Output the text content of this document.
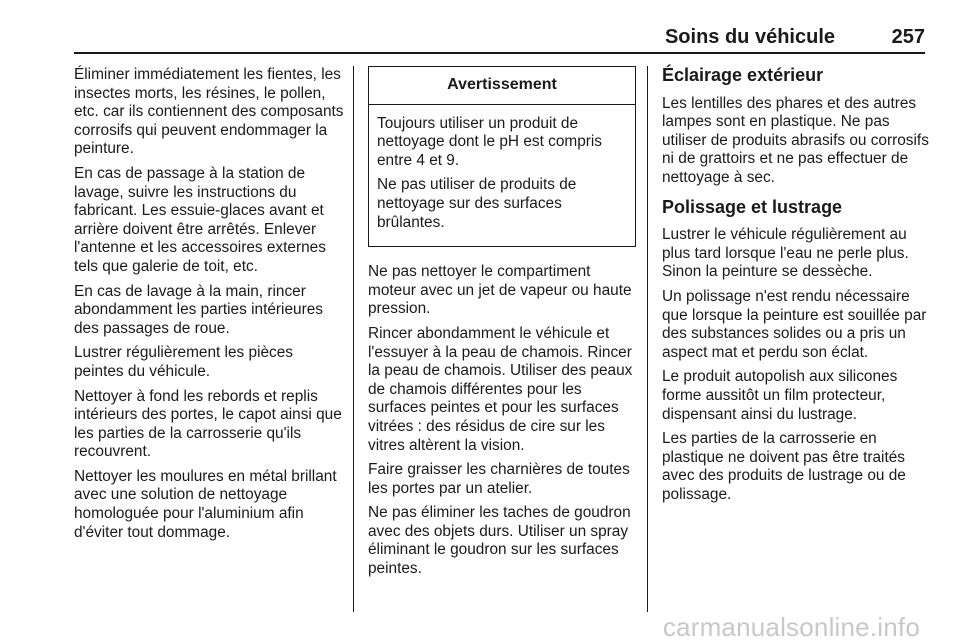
Soins du véhicule	257

Éliminer immédiatement les fientes, les insectes morts, les résines, le pollen, etc. car ils contiennent des composants corrosifs qui peuvent endommager la peinture.

En cas de passage à la station de lavage, suivre les instructions du fabricant. Les essuie-glaces avant et arrière doivent être arrêtés. Enlever l'antenne et les accessoires externes tels que galerie de toit, etc.

En cas de lavage à la main, rincer abondamment les parties intérieures des passages de roue.

Lustrer régulièrement les pièces peintes du véhicule.

Nettoyer à fond les rebords et replis intérieurs des portes, le capot ainsi que les parties de la carrosserie qu'ils recouvrent.

Nettoyer les moulures en métal brillant avec une solution de nettoyage homologuée pour l'aluminium afin d'éviter tout dommage.

Avertissement

Toujours utiliser un produit de nettoyage dont le pH est compris entre 4 et 9.

Ne pas utiliser de produits de nettoyage sur des surfaces brûlantes.

Ne pas nettoyer le compartiment moteur avec un jet de vapeur ou haute pression.

Rincer abondamment le véhicule et l'essuyer à la peau de chamois. Rincer la peau de chamois. Utiliser des peaux de chamois différentes pour les surfaces peintes et pour les surfaces vitrées : des résidus de cire sur les vitres altèrent la vision.

Faire graisser les charnières de toutes les portes par un atelier.

Ne pas éliminer les taches de goudron avec des objets durs. Utiliser un spray éliminant le goudron sur les surfaces peintes.

Éclairage extérieur

Les lentilles des phares et des autres lampes sont en plastique. Ne pas utiliser de produits abrasifs ou corrosifs ni de grattoirs et ne pas effectuer de nettoyage à sec.

Polissage et lustrage

Lustrer le véhicule régulièrement au plus tard lorsque l'eau ne perle plus. Sinon la peinture se dessèche.

Un polissage n'est rendu nécessaire que lorsque la peinture est souillée par des substances solides ou a pris un aspect mat et perdu son éclat.

Le produit autopolish aux silicones forme aussitôt un film protecteur, dispensant ainsi du lustrage.

Les parties de la carrosserie en plastique ne doivent pas être traités avec des produits de lustrage ou de polissage.

carmanualsonline.info
